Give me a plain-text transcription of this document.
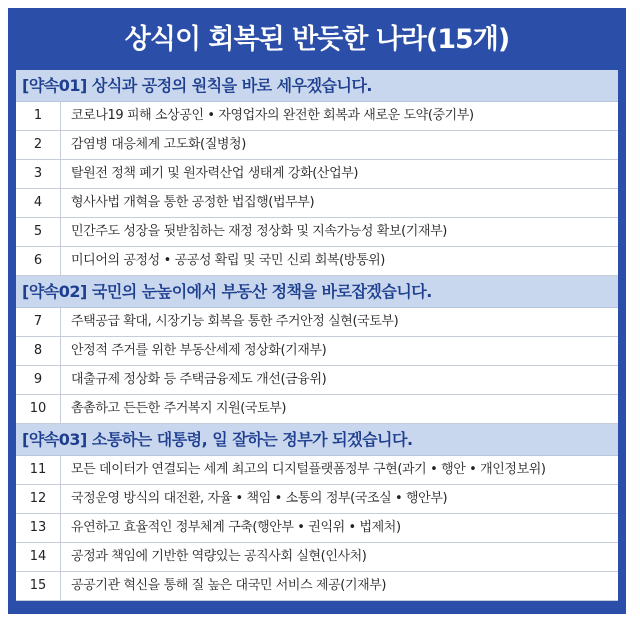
상식이 회복된 반듯한 나라(15개)
[약속01] 상식과 공정의 원칙을 바로 세우겠습니다.
1	코로나19 피해 소상공인 • 자영업자의 완전한 회복과 새로운 도약(중기부)
2	감염병 대응체계 고도화(질병청)
3	탈원전 정책 폐기 및 원자력산업 생태계 강화(산업부)
4	형사사법 개혁을 통한 공정한 법집행(법무부)
5	민간주도 성장을 뒷받침하는 재정 정상화 및 지속가능성 확보(기재부)
6	미디어의 공정성 • 공공성 확립 및 국민 신뢰 회복(방통위)
[약속02] 국민의 눈높이에서 부동산 정책을 바로잡겠습니다.
7	주택공급 확대, 시장기능 회복을 통한 주거안정 실현(국토부)
8	안정적 주거를 위한 부동산세제 정상화(기재부)
9	대출규제 정상화 등 주택금융제도 개선(금융위)
10	촘촘하고 든든한 주거복지 지원(국토부)
[약속03] 소통하는 대통령, 일 잘하는 정부가 되겠습니다.
11	모든 데이터가 연결되는 세계 최고의 디지털플랫폼정부 구현(과기 • 행안 • 개인정보위)
12	국정운영 방식의 대전환, 자율 • 책임 • 소통의 정부(국조실 • 행안부)
13	유연하고 효율적인 정부체계 구축(행안부 • 권익위 • 법제처)
14	공정과 책임에 기반한 역량있는 공직사회 실현(인사처)
15	공공기관 혁신을 통해 질 높은 대국민 서비스 제공(기재부)
